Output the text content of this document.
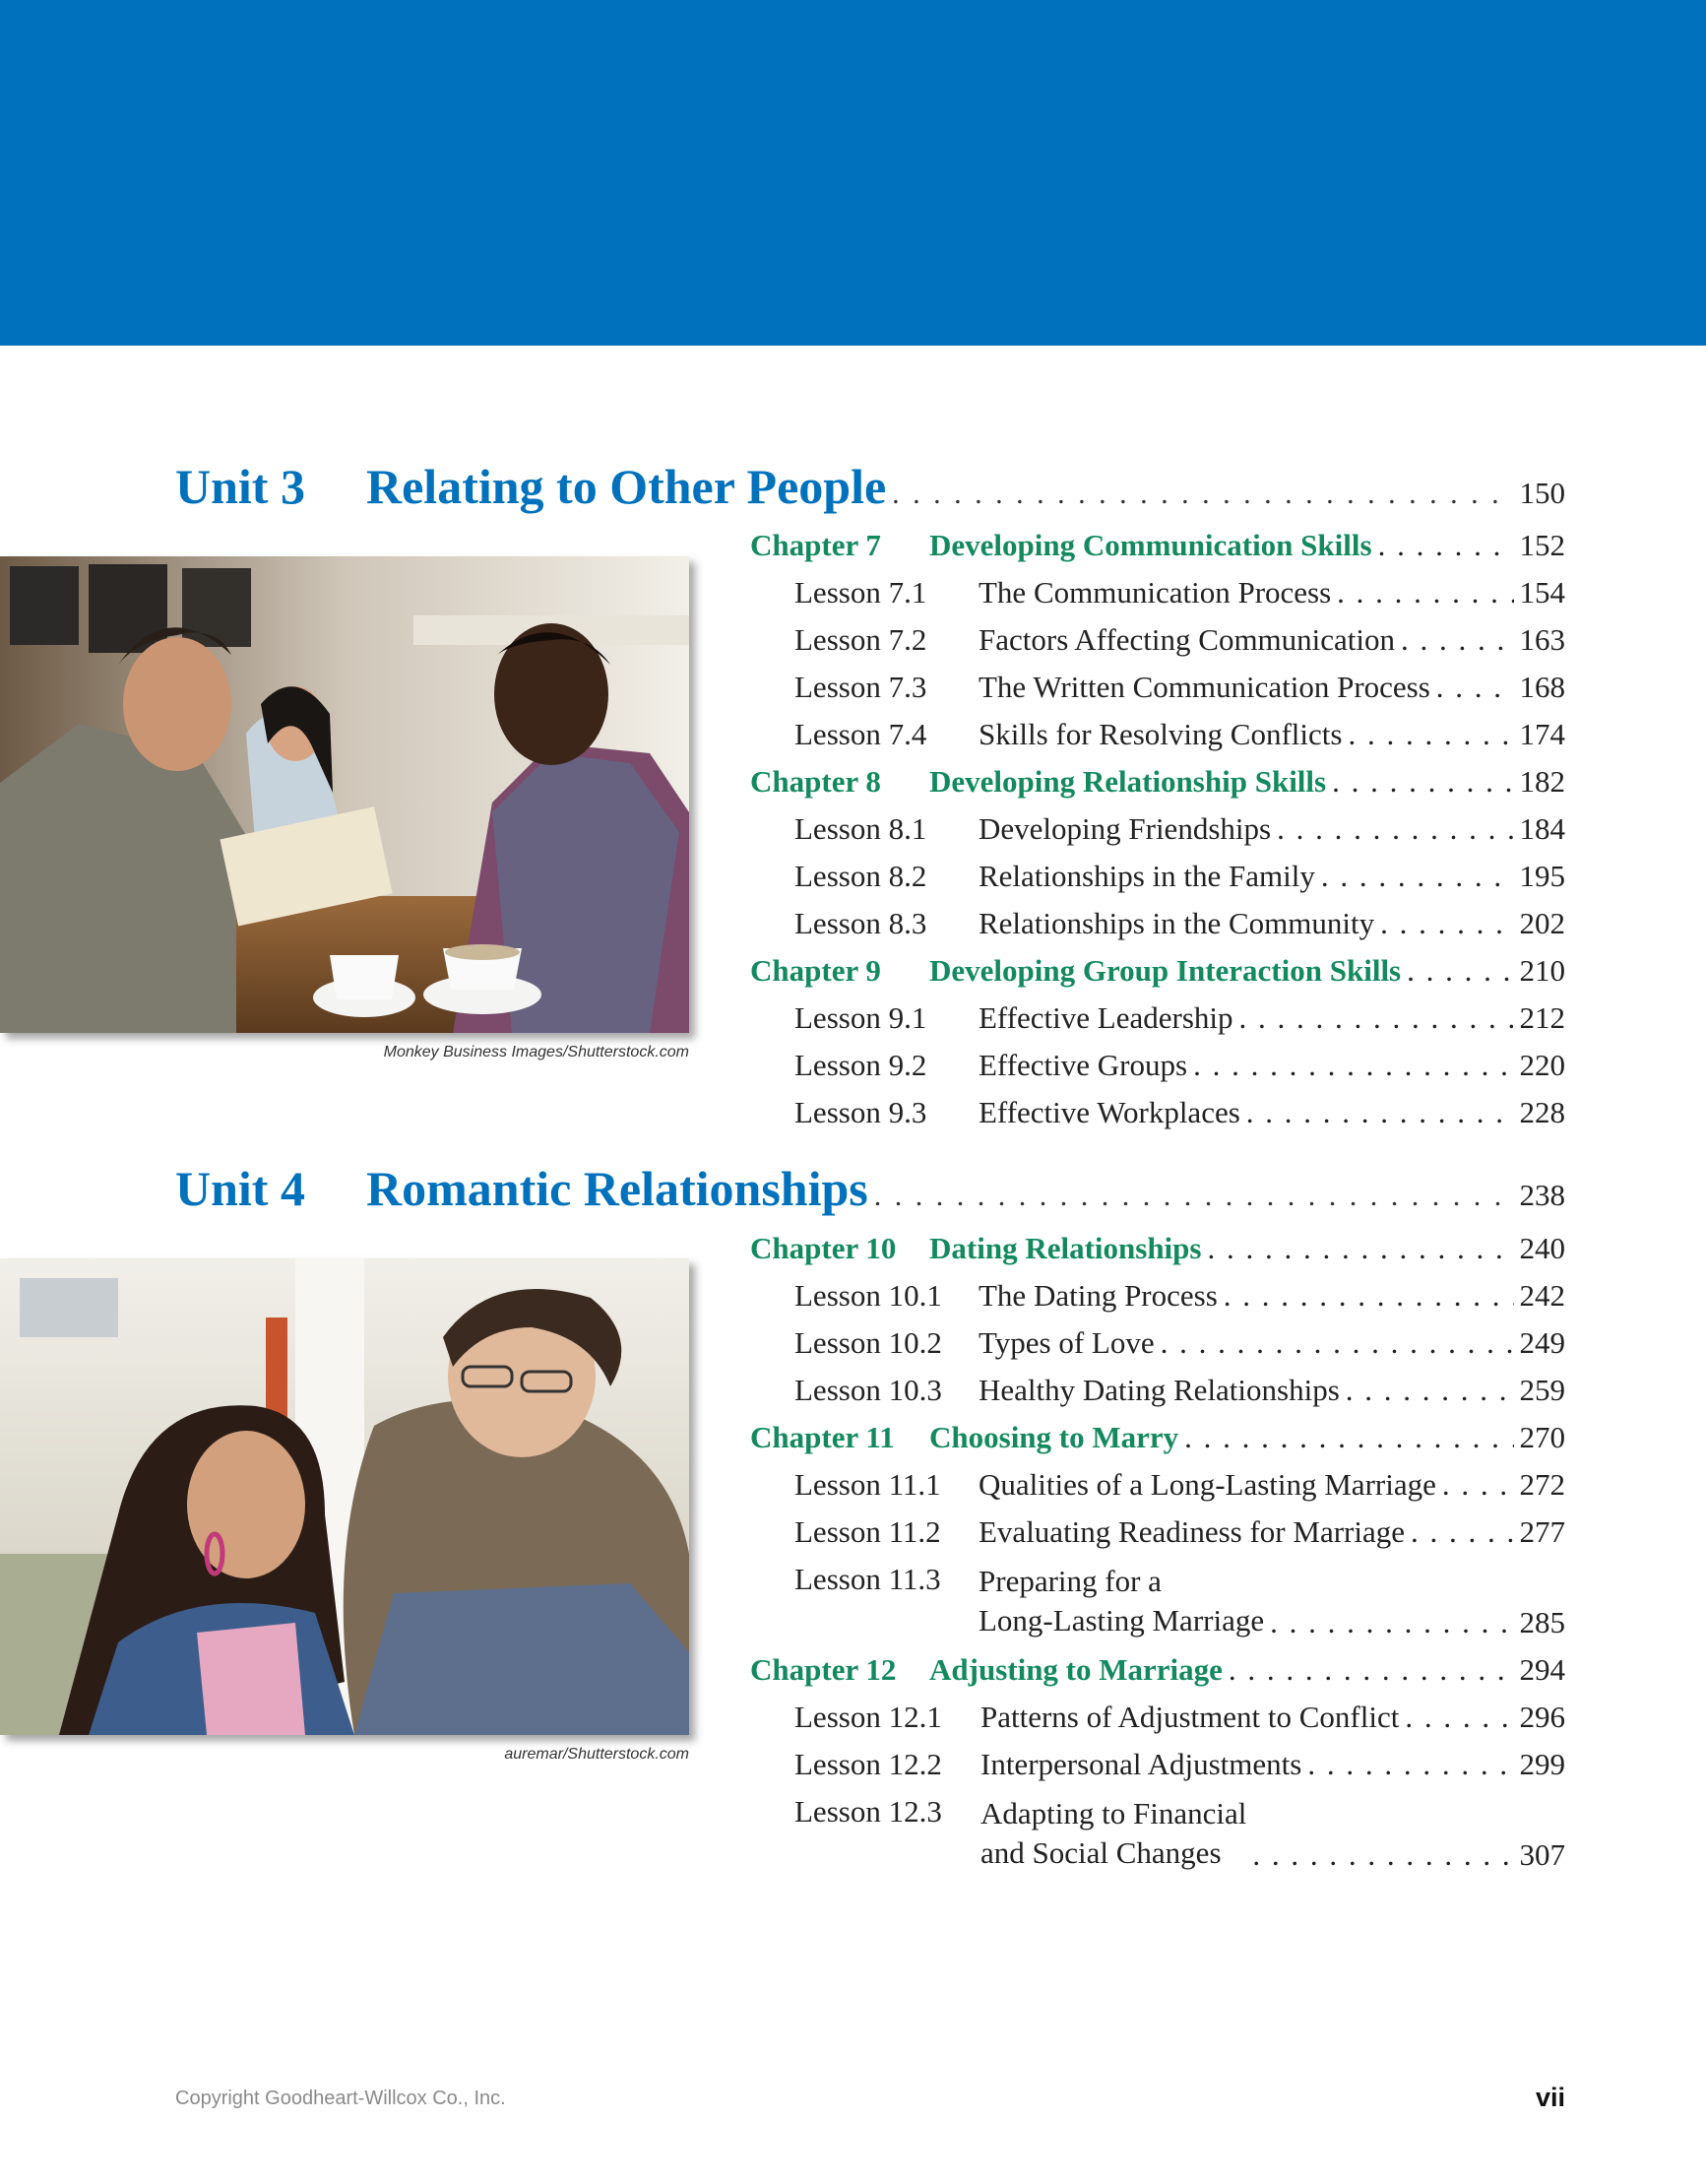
Unit 3	Relating to Other People . . .	150
Monkey Business Images/Shutterstock.com
Chapter 7	Developing Communication Skills . . .	152
Lesson 7.1	The Communication Process . . .	154
Lesson 7.2	Factors Affecting Communication . . .	163
Lesson 7.3	The Written Communication Process . . .	168
Lesson 7.4	Skills for Resolving Conflicts . . .	174
Chapter 8	Developing Relationship Skills . . .	182
Lesson 8.1	Developing Friendships . . .	184
Lesson 8.2	Relationships in the Family . . .	195
Lesson 8.3	Relationships in the Community . . .	202
Chapter 9	Developing Group Interaction Skills . . .	210
Lesson 9.1	Effective Leadership . . .	212
Lesson 9.2	Effective Groups . . .	220
Lesson 9.3	Effective Workplaces . . .	228
Unit 4	Romantic Relationships . . .	238
auremar/Shutterstock.com
Chapter 10	Dating Relationships . . .	240
Lesson 10.1	The Dating Process . . .	242
Lesson 10.2	Types of Love . . .	249
Lesson 10.3	Healthy Dating Relationships . . .	259
Chapter 11	Choosing to Marry . . .	270
Lesson 11.1	Qualities of a Long-Lasting Marriage . . .	272
Lesson 11.2	Evaluating Readiness for Marriage . . .	277
Lesson 11.3	Preparing for a
Long-Lasting Marriage . . .	285
Chapter 12	Adjusting to Marriage . . .	294
Lesson 12.1	Patterns of Adjustment to Conflict . . .	296
Lesson 12.2	Interpersonal Adjustments . . .	299
Lesson 12.3	Adapting to Financial
and Social Changes . . .	307
Copyright Goodheart-Willcox Co., Inc.	vii
